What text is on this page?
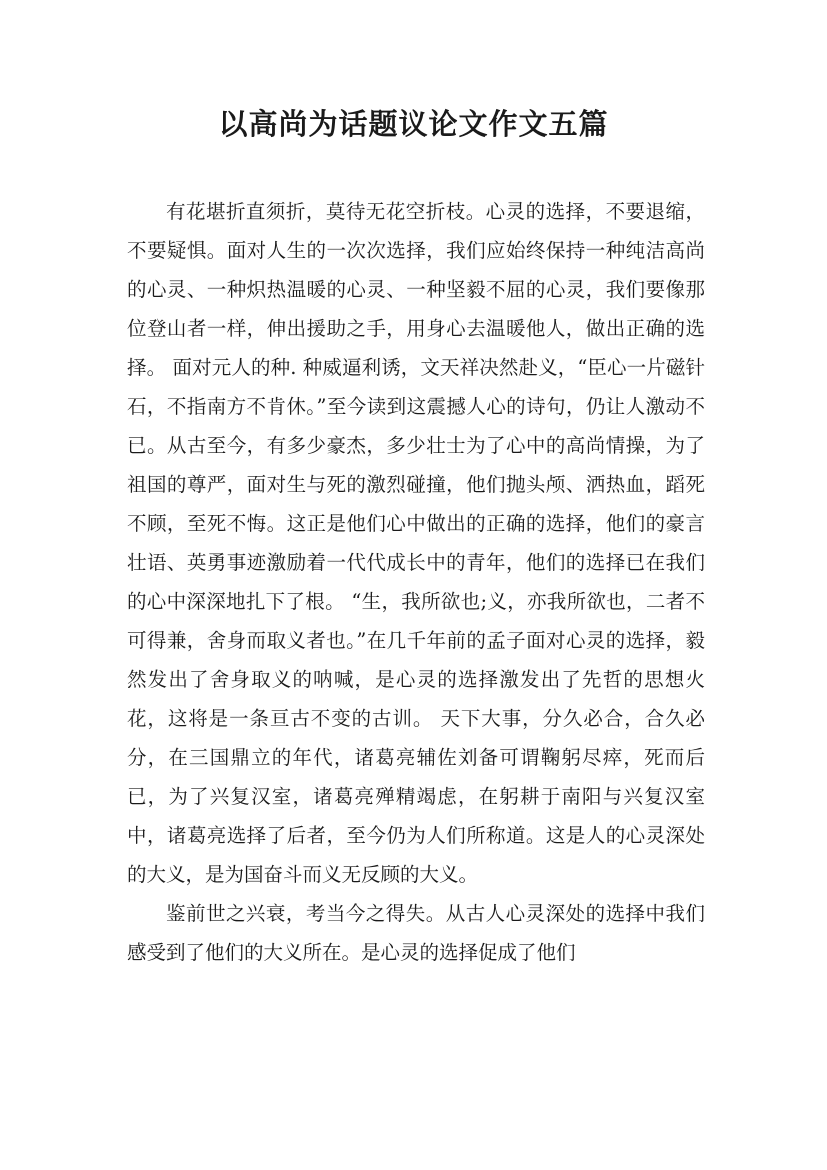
以高尚为话题议论文作文五篇

有花堪折直须折，莫待无花空折枝。心灵的选择，不要退缩，不要疑惧。面对人生的一次次选择，我们应始终保持一种纯洁高尚的心灵、一种炽热温暖的心灵、一种坚毅不屈的心灵，我们要像那位登山者一样，伸出援助之手，用身心去温暖他人，做出正确的选择。 面对元人的种. 种威逼利诱，文天祥决然赴义，“臣心一片磁针石，不指南方不肯休。”至今读到这震撼人心的诗句，仍让人激动不已。从古至今，有多少豪杰，多少壮士为了心中的高尚情操，为了祖国的尊严，面对生与死的激烈碰撞，他们抛头颅、洒热血，蹈死不顾，至死不悔。这正是他们心中做出的正确的选择，他们的豪言壮语、英勇事迹激励着一代代成长中的青年，他们的选择已在我们的心中深深地扎下了根。 “生，我所欲也;义，亦我所欲也，二者不可得兼，舍身而取义者也。”在几千年前的孟子面对心灵的选择，毅然发出了舍身取义的呐喊，是心灵的选择激发出了先哲的思想火花，这将是一条亘古不变的古训。 天下大事，分久必合，合久必分，在三国鼎立的年代，诸葛亮辅佐刘备可谓鞠躬尽瘁，死而后已，为了兴复汉室，诸葛亮殚精竭虑，在躬耕于南阳与兴复汉室中，诸葛亮选择了后者，至今仍为人们所称道。这是人的心灵深处的大义，是为国奋斗而义无反顾的大义。

鉴前世之兴衰，考当今之得失。从古人心灵深处的选择中我们感受到了他们的大义所在。是心灵的选择促成了他们
